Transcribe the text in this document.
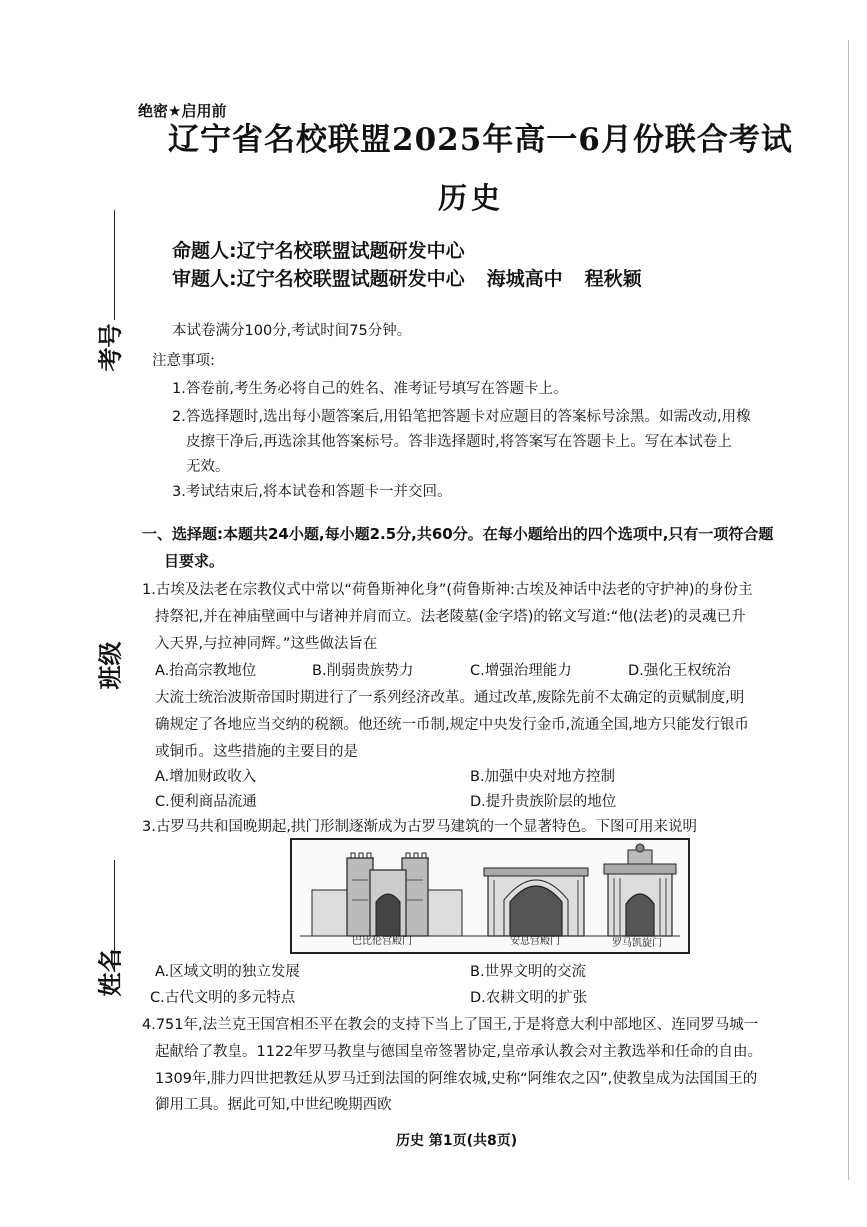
考号
班级
姓名
绝密★启用前
辽宁省名校联盟2025年高一6月份联合考试
历史
命题人:辽宁名校联盟试题研发中心
审题人:辽宁名校联盟试题研发中心 海城高中 程秋颖
本试卷满分100分,考试时间75分钟。
注意事项:
1.答卷前,考生务必将自己的姓名、准考证号填写在答题卡上。
2.答选择题时,选出每小题答案后,用铅笔把答题卡对应题目的答案标号涂黑。如需改动,用橡
皮擦干净后,再选涂其他答案标号。答非选择题时,将答案写在答题卡上。写在本试卷上
无效。
3.考试结束后,将本试卷和答题卡一并交回。
一、选择题:本题共24小题,每小题2.5分,共60分。在每小题给出的四个选项中,只有一项符合题
目要求。
1.古埃及法老在宗教仪式中常以“荷鲁斯神化身”(荷鲁斯神:古埃及神话中法老的守护神)的身份主
持祭祀,并在神庙壁画中与诸神并肩而立。法老陵墓(金字塔)的铭文写道:“他(法老)的灵魂已升
入天界,与拉神同辉。”这些做法旨在
A.抬高宗教地位	B.削弱贵族势力	C.增强治理能力	D.强化王权统治
大流士统治波斯帝国时期进行了一系列经济改革。通过改革,废除先前不太确定的贡赋制度,明
确规定了各地应当交纳的税额。他还统一币制,规定中央发行金币,流通全国,地方只能发行银币
或铜币。这些措施的主要目的是
A.增加财政收入	B.加强中央对地方控制
C.便利商品流通	D.提升贵族阶层的地位
3.古罗马共和国晚期起,拱门形制逐渐成为古罗马建筑的一个显著特色。下图可用来说明
巴比伦宫殿门	安息宫殿门	罗马凯旋门
A.区域文明的独立发展	B.世界文明的交流
C.古代文明的多元特点	D.农耕文明的扩张
4.751年,法兰克王国宫相丕平在教会的支持下当上了国王,于是将意大利中部地区、连同罗马城一
起献给了教皇。1122年罗马教皇与德国皇帝签署协定,皇帝承认教会对主教选举和任命的自由。
1309年,腓力四世把教廷从罗马迁到法国的阿维农城,史称“阿维农之囚”,使教皇成为法国国王的
御用工具。据此可知,中世纪晚期西欧
历史 第1页(共8页)
